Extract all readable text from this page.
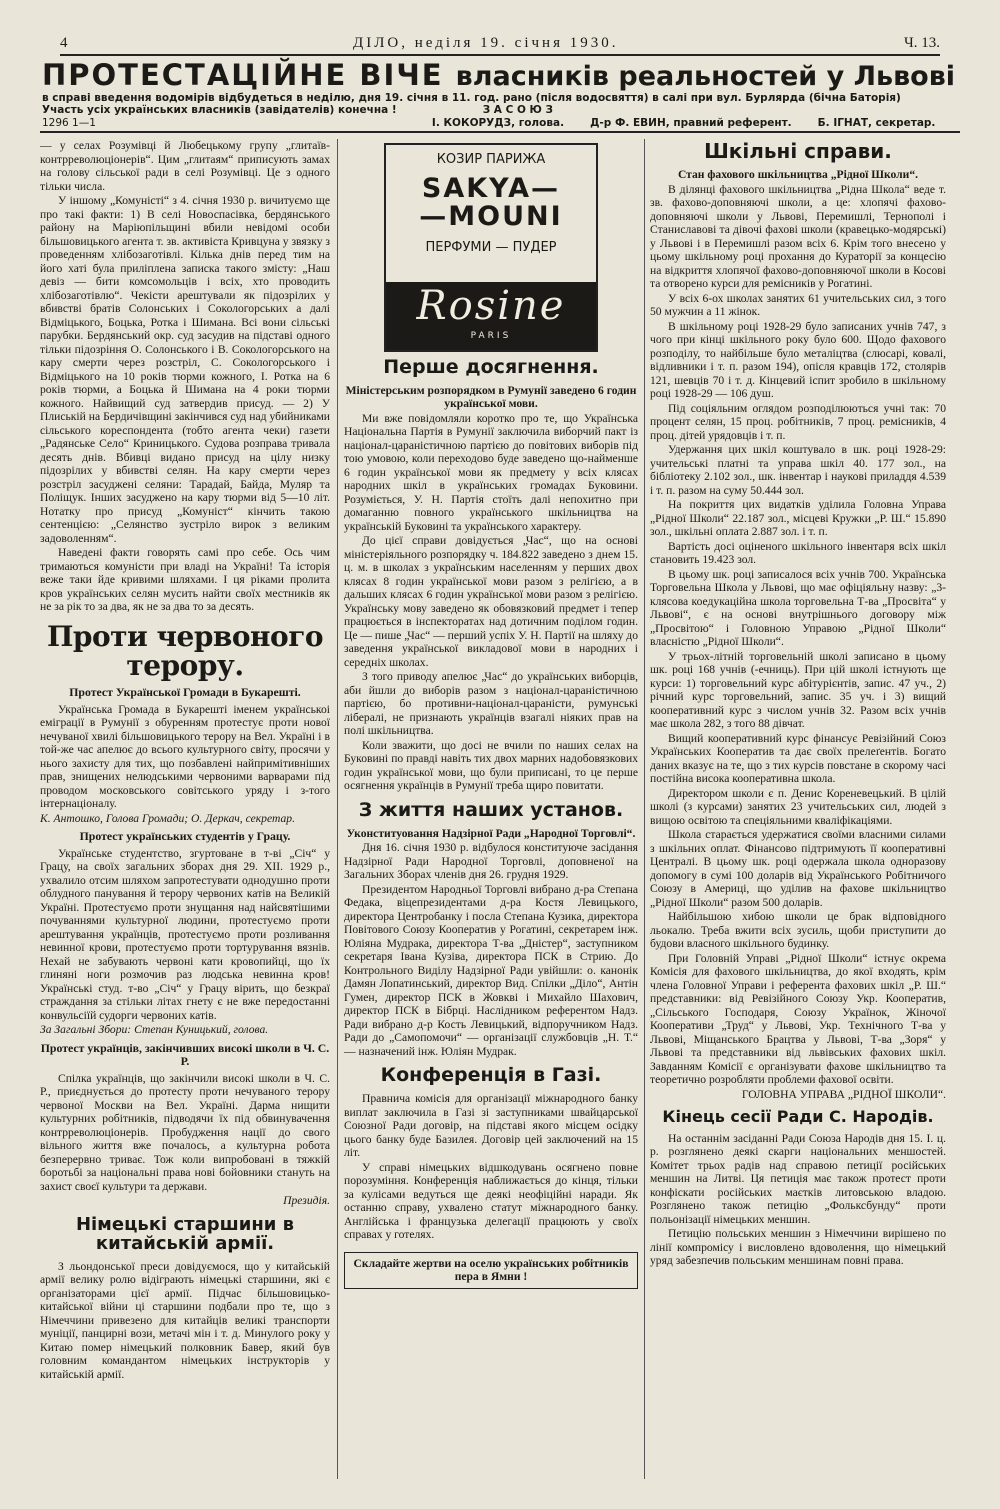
4	ДІЛО, неділя 19. січня 1930.	Ч. 13.
ПРОТЕСТАЦІЙНЕ ВІЧЕ власників реальностей у Львові
в справі введення водомірів відбудеться в неділю, дня 19. січня в 11. год. рано (після водосвяття) в салі при вул. Бурлярда (бічна Баторія)
Участь усіх українських власників (завідателів) конечна !	З А С О Ю З
1296 1—1	І. КОКОРУДЗ, голова. Д-р Ф. ЕВИН, правний референт. Б. ІГНАТ, секретар.

— у селах Розумівці й Любецькому групу „глитаїв-контрреволюціонерів“. Цим „глитаям“ приписують замах на голову сільської ради в селі Розумівці. Це з одного тільки числа.

У іншому „Комуністі“ з 4. січня 1930 р. вичитуємо ще про такі факти: 1) В селі Новоспасівка, бердянського району на Маріюпільщині вбили невідомі особи більшовицького агента т. зв. активіста Кривцуна у звязку з проведенням хлібозаготівлі. Кілька днів перед тим на його хаті була приліплена записка такого змісту: „Наш девіз — бити комсомольців і всіх, хто проводить хлібозаготівлю“. Чекісти арештували як підозрілих у вбивстві братів Солонських і Сокологорських а далі Відміцького, Боцька, Ротка і Шимана. Всі вони сільські парубки. Бердянський окр. суд засудив на підставі одного тільки підозріння О. Солонського і В. Сокологорського на кару смерти через розстріл, С. Сокологорського і Відміцького на 10 років тюрми кожного, І. Ротка на 6 років тюрми, а Боцька й Шимана на 4 роки тюрми кожного. Найвищий суд затвердив присуд. — 2) У Плиській на Бердичівщині закінчився суд над убийниками сільського кореспондента (тобто агента чеки) газети „Радянське Село“ Криницького. Судова розправа тривала десять днів. Вбивці видано присуд на цілу низку підозрілих у вбивстві селян. На кару смерти через розстріл засуджені селяни: Тарадай, Байда, Муляр та Поліщук. Інших засуджено на кару тюрми від 5—10 літ. Нотатку про присуд „Комуніст“ кінчить такою сентенцією: „Селянство зустріло вирок з великим задоволенням“.

Наведені факти говорять самі про себе. Ось чим тримаються комуністи при владі на Україні! Та історія веже таки йде кривими шляхами. І ця ріками пролита кров українських селян мусить найти своїх местників як не за рік то за два, як не за два то за десять.

Проти червоного терору.
Протест Української Громади в Букарешті.

Українська Громада в Букарешті іменем українськоі еміграції в Румунії з обуренням протестує проти нової нечуваної хвилі більшовицького терору на Вел. Україні і в той-же час апелює до всього культурного світу, просячи у нього захисту для тих, що позбавлені найпримітивніших прав, знищених нелюдськими червоними варварами під проводом московського совітського уряду і з-того інтернаціоналу.

К. Антошко, Голова Громади; О. Деркач, секретар.

Протест українських студентів у Грацу.

Українське студентство, згуртоване в т-ві „Січ“ у Грацу, на своїх загальних зборах дня 29. XII. 1929 р., ухвалило отсим шляхом запротестувати однодушно проти облудного панування й терору червоних катів на Великій Україні. Протестуємо проти знущання над найсвятішими почуваннями культурної людини, протестуємо проти арештування українців, протестуємо проти розливання невинної крови, протестуємо проти тортурування вязнів. Нехай не забувають червоні кати кровопийці, що їх глиняні ноги розмочив раз людська невинна кров! Українські студ. т-во „Січ“ у Грацу вірить, що безкраї страждання за стільки літах гнету є не вже передостанні конвульсіїй судорги червоних катів.

За Загальні Збори: Степан Куницький, голова.

Протест українців, закінчивших високі школи в Ч. С. Р.

Спілка українців, що закінчили високі школи в Ч. С. Р., приєднується до протесту проти нечуваного терору червоної Москви на Вел. Україні. Дарма нищити культурних робітників, підводячи їх під обвинувачення контрреволюціонерів. Пробудження нації до свого вільного життя вже почалось, а культурна робота безперервно триває. Тож коли випробовані в тяжкій боротьбі за національні права нові бойовники стануть на захист своєї культури та держави.

Президія.

Німецькі старшини в китайській армії.

З льондонської преси довідуємося, що у китайській армії велику ролю відіграють німецькі старшини, які є організаторами цієї армії. Підчас більшовицько-китайської війни ці старшини подбали про те, що з Німеччини привезено для китайців великі транспорти муніції, панцирні вози, метачі мін і т. д. Минулого року у Китаю помер німецький полковник Бавер, який був головним командантом німецьких інструкторів у китайській армії.

КОЗИР ПАРИЖА
SAKYA—
—MOUNI
ПЕРФУМИ — ПУДЕР
Rosine
PARIS
Перше досягнення.

Міністерським розпорядком в Румунії заведено 6 годин української мови.

Ми вже повідомляли коротко про те, що Українська Національна Партія в Румунії заключила виборчий пакт із націонал-цараністичною партією до повітових виборів під тою умовою, коли переходово буде заведено що-найменше 6 годин української мови як предмету у всіх клясах народних шкіл в українських громадах Буковини. Розуміється, У. Н. Партія стоїть далі непохитно при домаганню повного українського шкільництва на українській Буковині та українського характеру.

До цієї справи довідується „Час“, що на основі міністеріяльного розпорядку ч. 184.822 заведено з днем 15. ц. м. в школах з українським населенням у перших двох клясах 8 годин української мови разом з релігією, а в дальших клясах 6 годин української мови разом з релігією. Українську мову заведено як обовязковий предмет і тепер працюється в інспекторатах над дотичним поділом годин. Це — пише „Час“ — перший успіх У. Н. Партії на шляху до заведення української викладової мови в народних і середніх школах.

З того приводу апелює „Час“ до українських виборців, аби йшли до виборів разом з націонал-цараністичною партією, бо противни-націонал-цараністи, румунські лібералі, не признають українців взагалі ніяких прав на полі шкільництва.

Коли зважити, що досі не вчили по наших селах на Буковині по правді навіть тих двох марних надобовязкових годин української мови, що були приписані, то це перше осягнення українців в Румунії треба щиро повитати.

З життя наших установ.

Уконституовання Надзірної Ради „Народної Торговлі“.

Дня 16. січня 1930 р. відбулося конституюче засідання Надзірної Ради Народної Торговлі, доповненої на Загальних Зборах членів дня 26. грудня 1929.

Президентом Народньої Торговлі вибрано д-ра Степана Федака, віцепрезидентами д-ра Костя Левицького, директора Центробанку і посла Степана Кузика, директора Повітового Союзу Кооператив у Рогатині, секретарем інж. Юліяна Мудрака, директора Т-ва „Дністер“, заступником секретаря Івана Кузіва, директора ПСК в Стрию. До Контрольного Виділу Надзірної Ради увійшли: о. канонік Дамян Лопатинський, директор Вид. Спілки „Діло“, Антін Гумен, директор ПСК в Жовкві і Михайло Шахович, директор ПСК в Бібрці. Наслідником референтом Надз. Ради вибрано д-р Кость Левицький, відпоручником Надз. Ради до „Самопомочи“ — організації службовців „Н. Т.“ — назначений інж. Юліян Мудрак.

Конференція в Газі.

Правнича комісія для організації міжнародного банку виплат заключила в Газі зі заступниками швайцарської Союзної Ради договір, на підставі якого місцем осідку цього банку буде Базилея. Договір цей заключений на 15 літ.

У справі німецьких відшкодувань осягнено повне порозуміння. Конференція наближається до кінця, тільки за кулісами ведуться ще деякі неофіційні наради. Як останню справу, ухвалено статут міжнародного банку. Англійська і французька делегації працюють у своїх справах у готелях.

Складайте жертви на оселю українських робітників пера в Ямни !
Шкільні справи.

Стан фахового шкільництва „Рідної Школи“.

В ділянці фахового шкільництва „Рідна Школа“ веде т. зв. фахово-доповняючі школи, а це: хлопячі фахово-доповняючі школи у Львові, Перемишлі, Тернополі і Станиславові та дівочі фахові школи (кравецько-модярські) у Львові і в Перемишлі разом всіх 6. Крім того внесено у цьому шкільному році прохання до Кураторії за концесію на відкриття хлопячої фахово-доповняючої школи в Косові та отворено курси для ремісників у Рогатині.

У всіх 6-ох школах занятих 61 учительських сил, з того 50 мужчин а 11 жінок.

В шкільному році 1928-29 було записаних учнів 747, з чого при кінці шкільного року було 600. Щодо фахового розподілу, то найбільше було металіцтва (слюсарі, ковалі, відливники і т. п. разом 194), опісля кравців 172, столярів 121, шевців 70 і т. д. Кінцевий іспит зробило в шкільному році 1928-29 — 106 душ.

Під соціяльним оглядом розподілюються учні так: 70 процент селян, 15 проц. робітників, 7 проц. ремісників, 4 проц. дітей урядовців і т. п.

Удержання цих шкіл коштувало в шк. році 1928-29: учительські платні та управа шкіл 40. 177 зол., на бібліотеку 2.102 зол., шк. інвентар і наукові приладдя 4.539 і т. п. разом на суму 50.444 зол.

На покриття цих видатків уділила Головна Управа „Рідної Школи“ 22.187 зол., місцеві Кружки „Р. Ш.“ 15.890 зол., шкільні оплата 2.887 зол. і т. п.

Вартість досі оціненого шкільного інвентаря всіх шкіл становить 19.423 зол.

В цьому шк. році записалося всіх учнів 700. Українська Торговельна Школа у Львові, що має офіціяльну назву: „3-клясова коедукаційна школа торговельна Т-ва „Просвіта“ у Львові“, є на основі внутрішнього договору між „Просвітою“ і Головною Управою „Рідної Школи“ власністю „Рідної Школи“.

У трьох-літній торговельній школі записано в цьому шк. році 168 учнів (-ечниць). При цій школі істнують ще курси: 1) торговельний курс абітурієнтів, запис. 47 уч., 2) річний курс торговельний, запис. 35 уч. і 3) вищий кооперативний курс з числом учнів 32. Разом всіх учнів має школа 282, з того 88 дівчат.

Вищий кооперативний курс фінансує Ревізійний Союз Українських Кооператив та дає своїх прелеґентів. Богато даних вказує на те, що з тих курсів повстане в скорому часі постійна висока кооперативна школа.

Директором школи є п. Денис Кореневецький. В цілій школі (з курсами) занятих 23 учительських сил, людей з вищою освітою та спеціяльними кваліфікаціями.

Школа старається удержатися своїми власними силами з шкільних оплат. Фінансово підтримують її кооперативні Централі. В цьому шк. році одержала школа одноразову допомогу в сумі 100 доларів від Українського Робітничого Союзу в Америці, що уділив на фахове шкільництво „Рідної Школи“ разом 500 доларів.

Найбільшою хибою школи це брак відповідного льокалю. Треба вжити всіх зусиль, щоби приступити до будови власного шкільного будинку.

При Головній Управі „Рідної Школи“ істнує окрема Комісія для фахового шкільництва, до якої входять, крім члена Головної Управи і референта фахових шкіл „Р. Ш.“ представники: від Ревізійного Союзу Укр. Кооператив, „Сільського Господаря, Союзу Українок, Жіночої Кооперативи „Труд“ у Львові, Укр. Технічного Т-ва у Львові, Міщанського Брацтва у Львові, Т-ва „Зоря“ у Львові та представники від львівських фахових шкіл. Завданням Комісії є організувати фахове шкільництво та теоретично розробляти проблеми фахової освіти.

ГОЛОВНА УПРАВА „РІДНОЇ ШКОЛИ“.

Кінець сесії Ради С. Народів.

На останнім засіданні Ради Союза Народів дня 15. I. ц. р. розглянено деякі скарги національних меншостей. Комітет трьох радів над справою петиції російських меншин на Литві. Ця петиція має також протест проти конфіскати російських маєтків литовською владою. Розглянено також петицію „Фольксбунду“ проти польонізації німецьких меншин.

Петицію польських меншин з Німеччини вирішено по лінії компромісу і висловлено вдоволення, що німецький уряд забезпечив польським меншинам повні права.
